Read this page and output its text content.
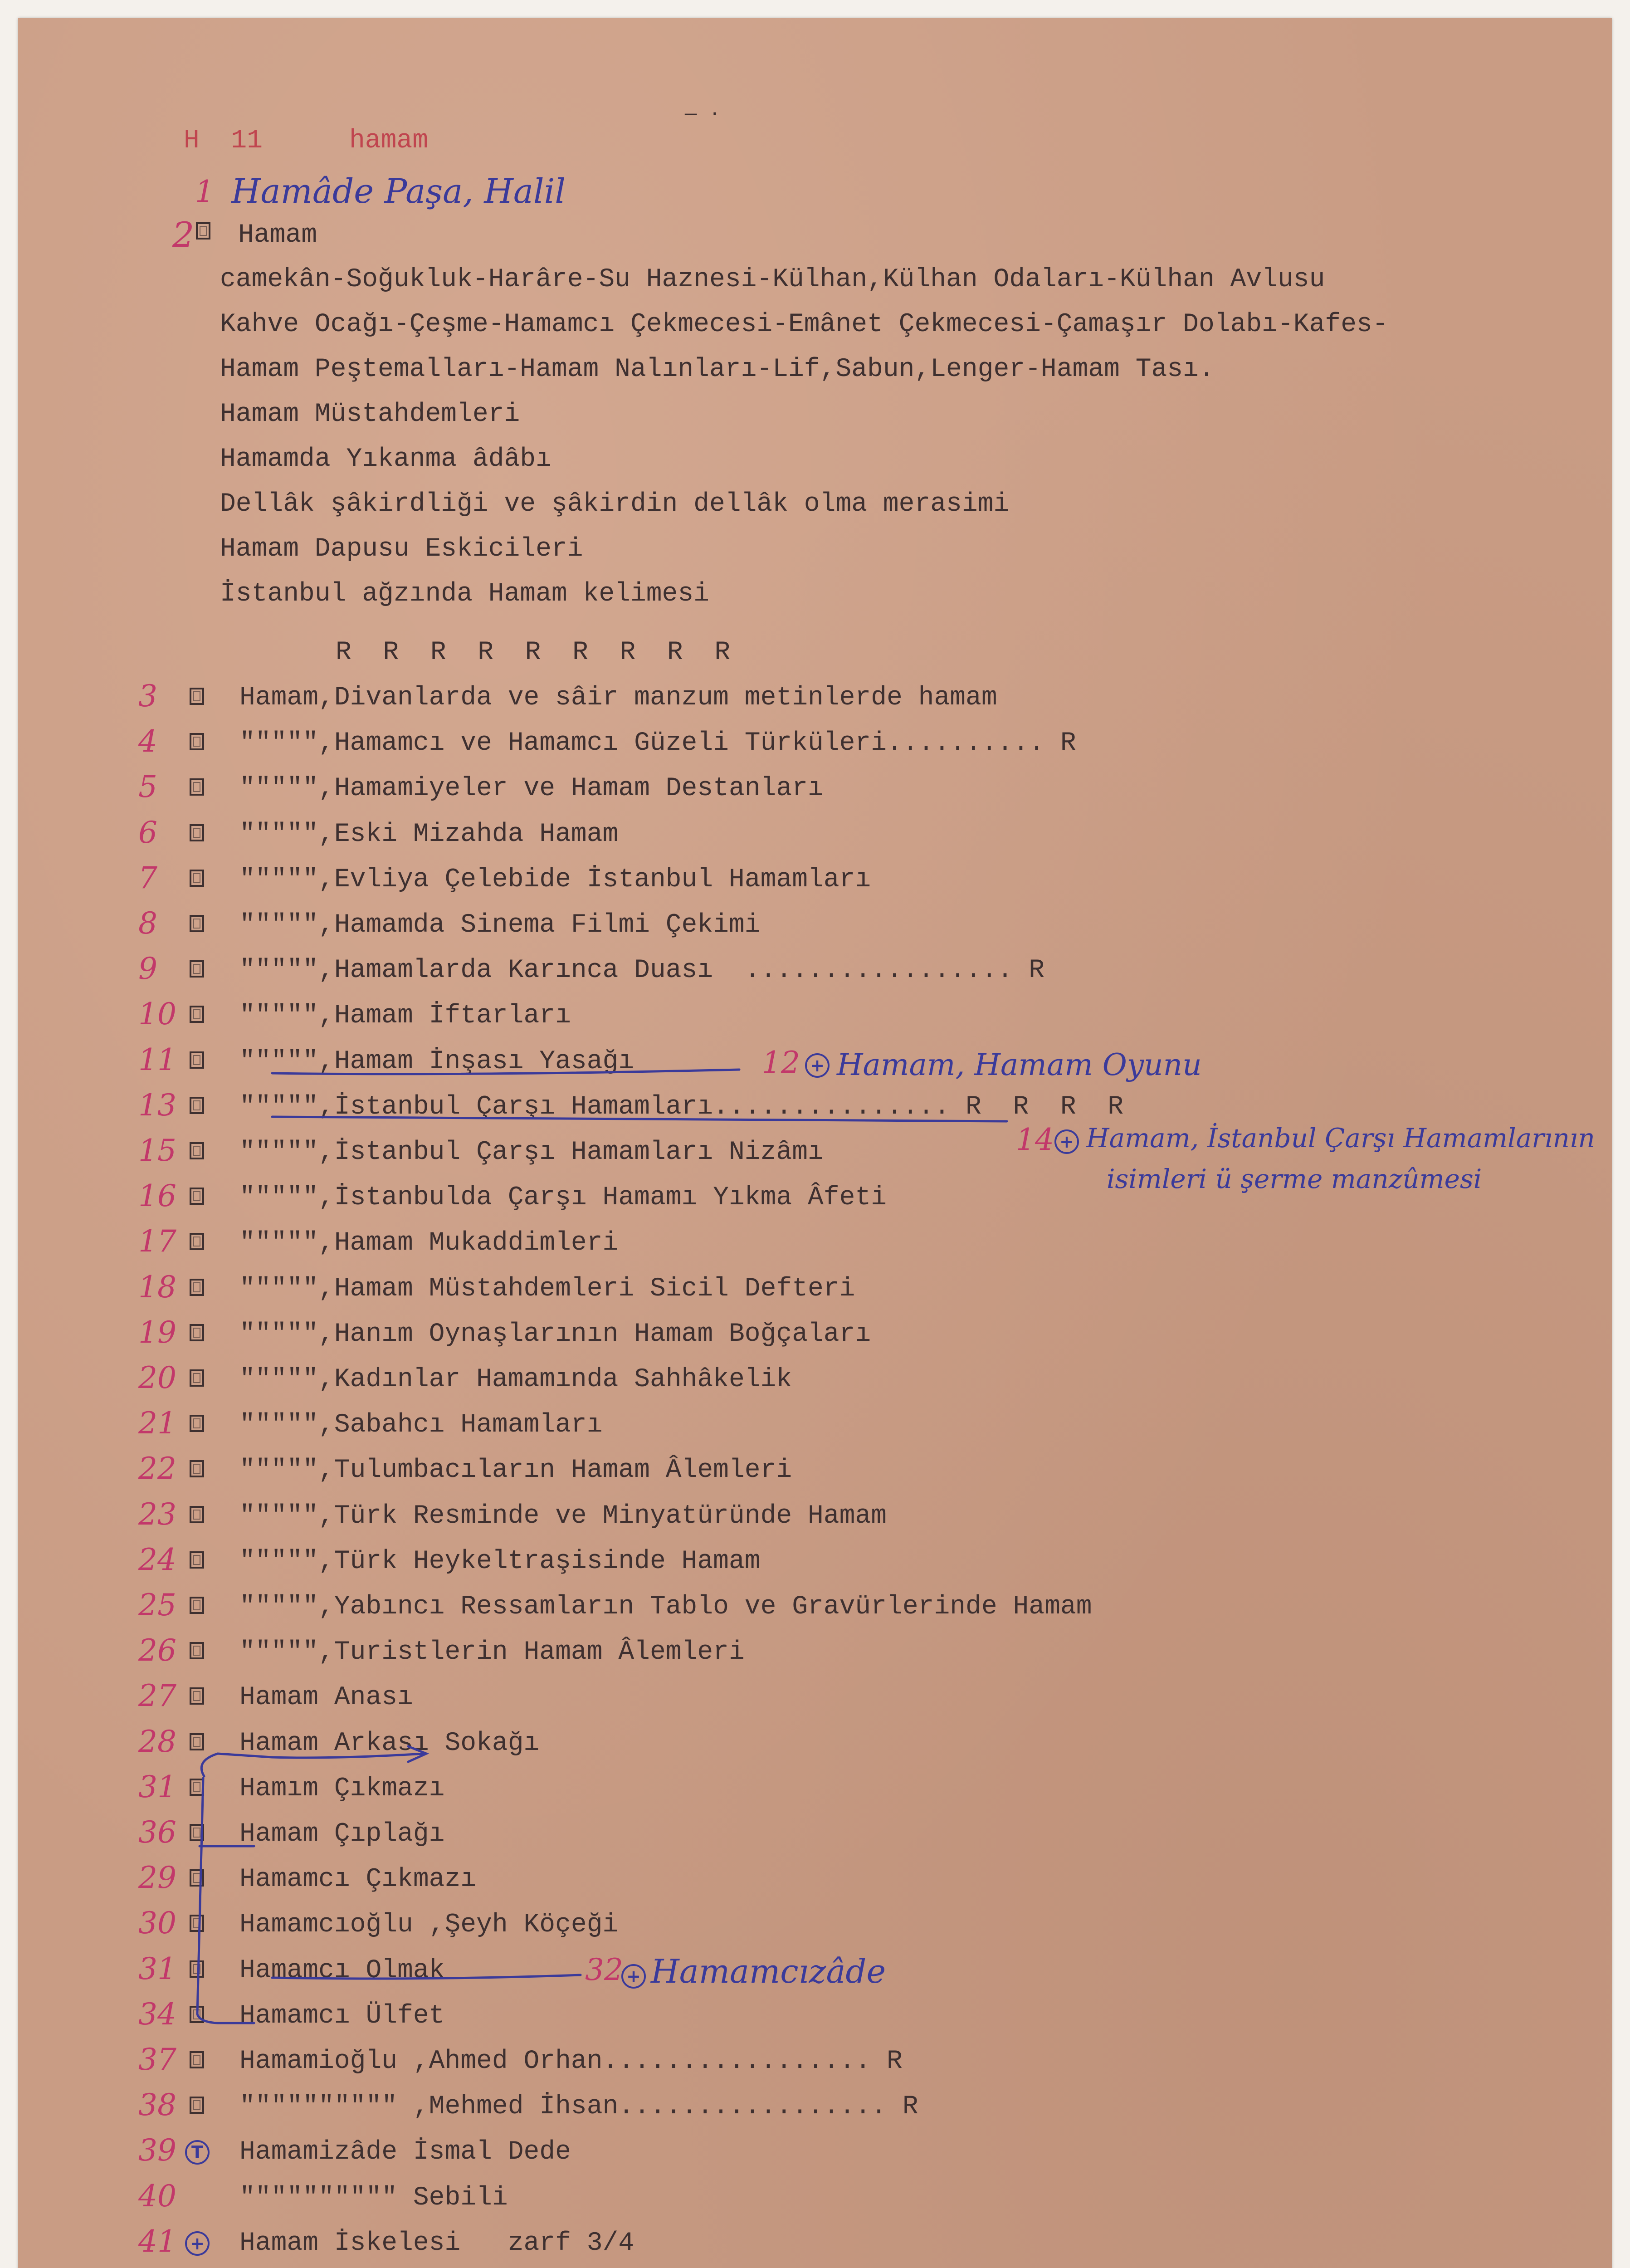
H  11	hamam
— ·
1 Hamâde Paşa, Halil
2 Hamam
camekân-Soğukluk-Harâre-Su Haznesi-Külhan,Külhan Odaları-Külhan Avlusu
Kahve Ocağı-Çeşme-Hamamcı Çekmecesi-Emânet Çekmecesi-Çamaşır Dolabı-Kafes-
Hamam Peştemalları-Hamam Nalınları-Lif,Sabun,Lenger-Hamam Tası.
Hamam Müstahdemleri
Hamamda Yıkanma âdâbı
Dellâk şâkirdliği ve şâkirdin dellâk olma merasimi
Hamam Dapusu Eskicileri
İstanbul ağzında Hamam kelimesi
R  R  R  R  R  R  R  R  R
3	Hamam,Divanlarda ve sâir manzum metinlerde hamam
4	""""",Hamamcı ve Hamamcı Güzeli Türküleri.......... R
5	""""",Hamamiyeler ve Hamam Destanları
6	""""",Eski Mizahda Hamam
7	""""",Evliya Çelebide İstanbul Hamamları
8	""""",Hamamda Sinema Filmi Çekimi
9	""""",Hamamlarda Karınca Duası  ................. R
10 """"",Hamam İftarları
11 """"",Hamam İnşası Yasağı
13 """"",İstanbul Çarşı Hamamları............... R  R  R  R
15 """"",İstanbul Çarşı Hamamları Nizâmı
16 """"",İstanbulda Çarşı Hamamı Yıkma Âfeti
17 """"",Hamam Mukaddimleri
18 """"",Hamam Müstahdemleri Sicil Defteri
19 """"",Hanım Oynaşlarının Hamam Boğçaları
20 """"",Kadınlar Hamamında Sahhâkelik
21 """"",Sabahcı Hamamları
22 """"",Tulumbacıların Hamam Âlemleri
23 """"",Türk Resminde ve Minyatüründe Hamam
24 """"",Türk Heykeltraşisinde Hamam
25 """"",Yabıncı Ressamların Tablo ve Gravürlerinde Hamam
26 """"",Turistlerin Hamam Âlemleri
27 Hamam Anası
28 Hamam Arkası Sokağı
31 Hamım Çıkmazı
36 Hamam Çıplağı
29 Hamamcı Çıkmazı
30 Hamamcıoğlu ,Şeyh Köçeği
31 Hamamcı Olmak
34 Hamamcı Ülfet
37 Hamamioğlu ,Ahmed Orhan................. R
38 """""""""" ,Mehmed İhsan................. R
39 T Hamamizâde İsmal Dede
40 """""""""" Sebili
41 + Hamam İskelesi   zarf 3/4
12 + Hamam, Hamam Oyunu
14 + Hamam, İstanbul Çarşı Hamamlarının
isimleri ü şerme manzûmesi
32 + Hamamcızâde
